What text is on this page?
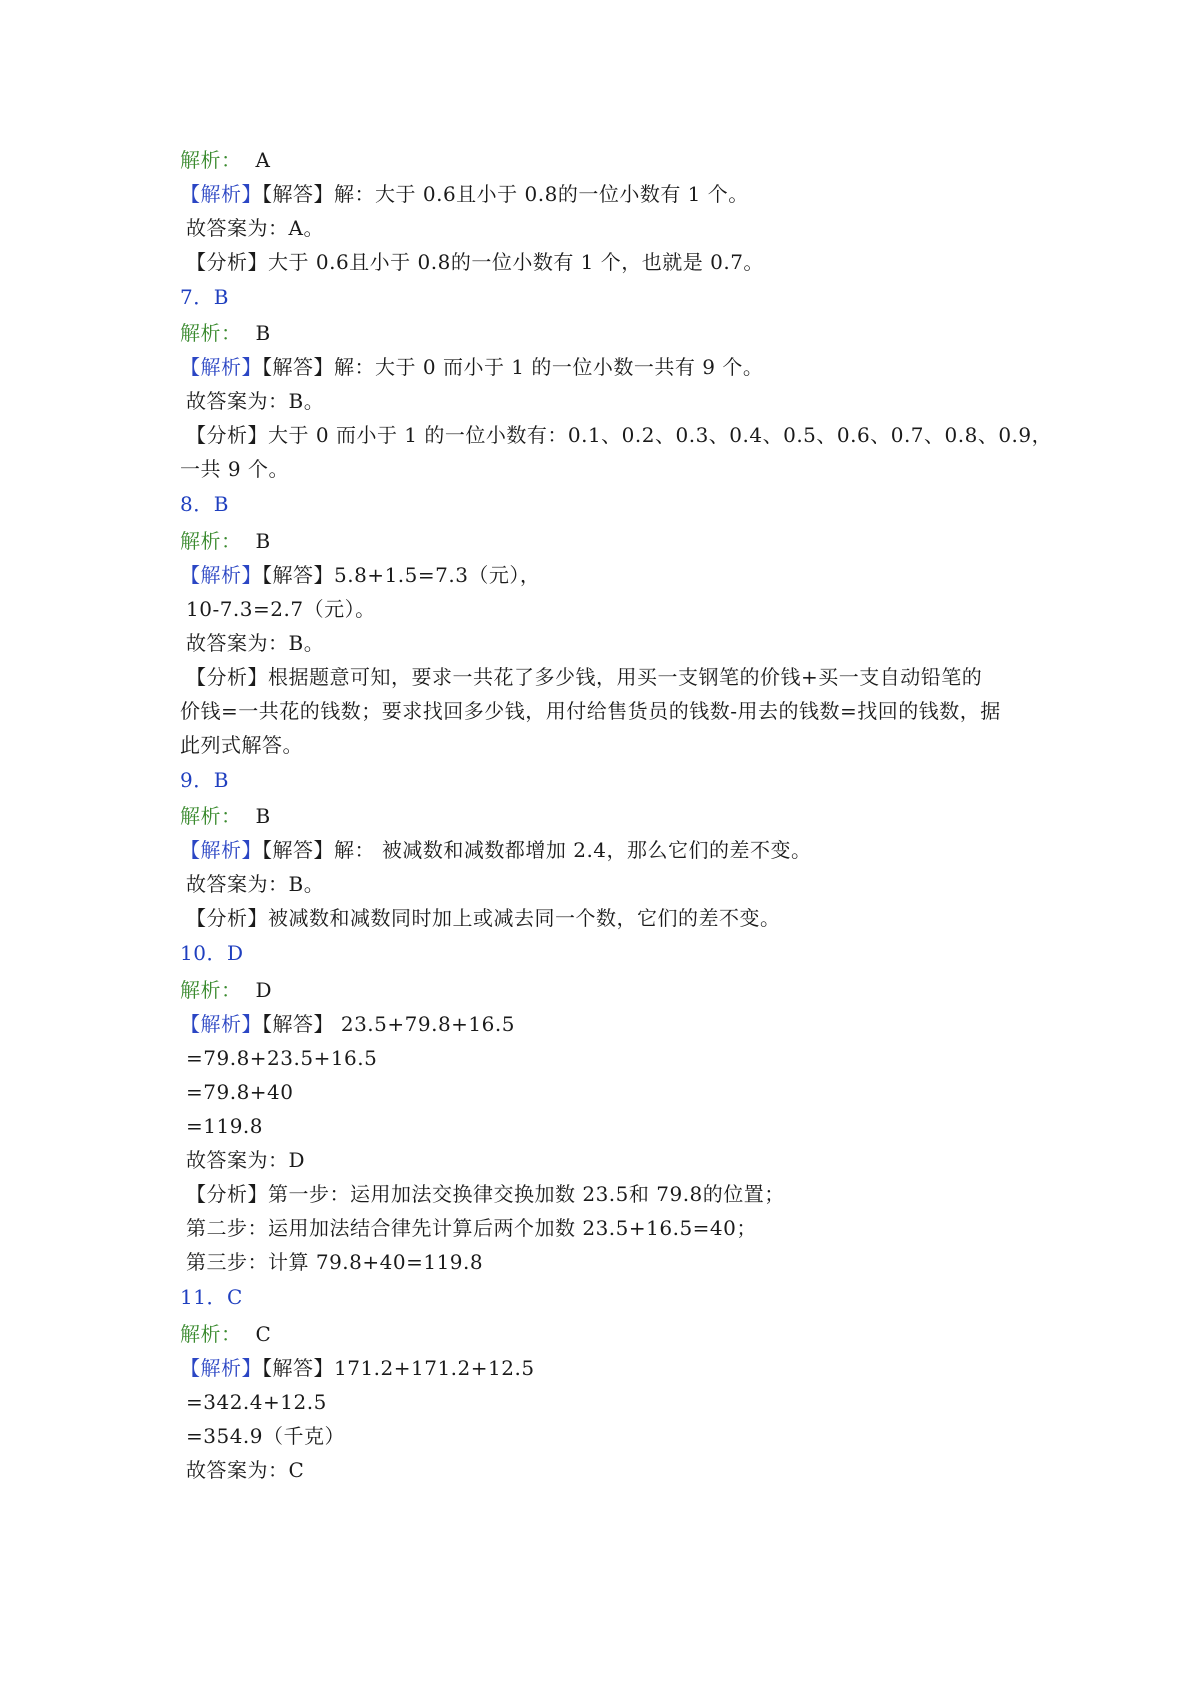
解析： A
【解析】【解答】解：大于 0.6且小于 0.8的一位小数有 1 个。
故答案为：A。
【分析】大于 0.6且小于 0.8的一位小数有 1 个，也就是 0.7。
7．B
解析： B
【解析】【解答】解：大于 0 而小于 1 的一位小数一共有 9 个。
故答案为：B。
【分析】大于 0 而小于 1 的一位小数有：0.1、0.2、0.3、0.4、0.5、0.6、0.7、0.8、0.9，
一共 9 个。
8．B
解析： B
【解析】【解答】5.8+1.5=7.3（元），
10-7.3=2.7（元）。
故答案为：B。
【分析】根据题意可知，要求一共花了多少钱，用买一支钢笔的价钱+买一支自动铅笔的
价钱=一共花的钱数；要求找回多少钱，用付给售货员的钱数-用去的钱数=找回的钱数，据
此列式解答。
9．B
解析： B
【解析】【解答】解： 被减数和减数都增加 2.4，那么它们的差不变。
故答案为：B。
【分析】被减数和减数同时加上或减去同一个数，它们的差不变。
10．D
解析： D
【解析】【解答】 23.5+79.8+16.5
=79.8+23.5+16.5
=79.8+40
=119.8
故答案为：D
【分析】第一步：运用加法交换律交换加数 23.5和 79.8的位置；
第二步：运用加法结合律先计算后两个加数 23.5+16.5=40；
第三步：计算 79.8+40=119.8
11．C
解析： C
【解析】【解答】171.2+171.2+12.5
=342.4+12.5
=354.9（千克）
故答案为：C
